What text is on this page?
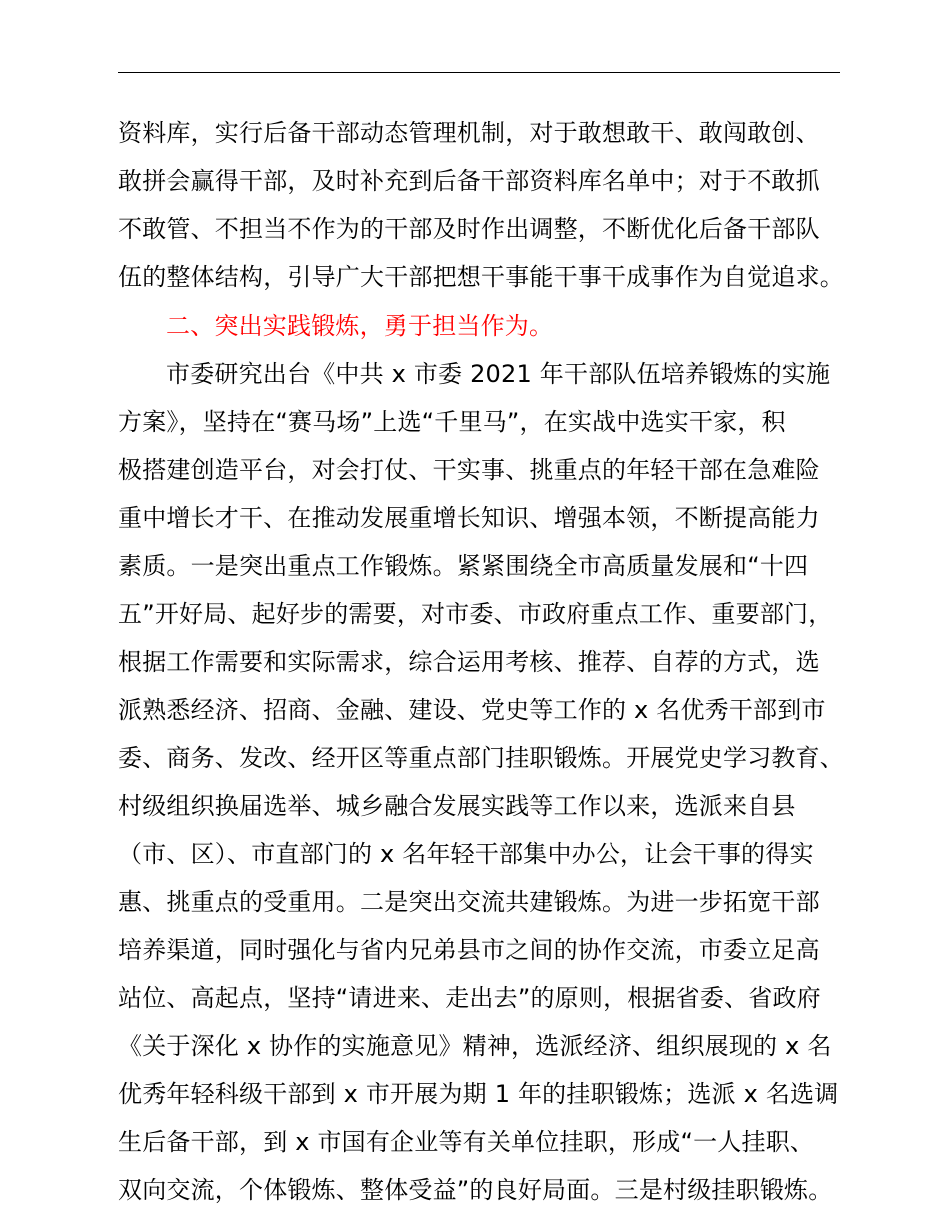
资料库，实行后备干部动态管理机制，对于敢想敢干、敢闯敢创、
敢拼会赢得干部，及时补充到后备干部资料库名单中；对于不敢抓
不敢管、不担当不作为的干部及时作出调整，不断优化后备干部队
伍的整体结构，引导广大干部把想干事能干事干成事作为自觉追求。
二、突出实践锻炼，勇于担当作为。
市委研究出台《中共 x 市委 2021 年干部队伍培养锻炼的实施
方案》，坚持在“赛马场”上选“千里马”，在实战中选实干家，积
极搭建创造平台，对会打仗、干实事、挑重点的年轻干部在急难险
重中增长才干、在推动发展重增长知识、增强本领，不断提高能力
素质。一是突出重点工作锻炼。紧紧围绕全市高质量发展和“十四
五”开好局、起好步的需要，对市委、市政府重点工作、重要部门，
根据工作需要和实际需求，综合运用考核、推荐、自荐的方式，选
派熟悉经济、招商、金融、建设、党史等工作的 x 名优秀干部到市
委、商务、发改、经开区等重点部门挂职锻炼。开展党史学习教育、
村级组织换届选举、城乡融合发展实践等工作以来，选派来自县
（市、区）、市直部门的 x 名年轻干部集中办公，让会干事的得实
惠、挑重点的受重用。二是突出交流共建锻炼。为进一步拓宽干部
培养渠道，同时强化与省内兄弟县市之间的协作交流，市委立足高
站位、高起点，坚持“请进来、走出去”的原则，根据省委、省政府
《关于深化 x 协作的实施意见》精神，选派经济、组织展现的 x 名
优秀年轻科级干部到 x 市开展为期 1 年的挂职锻炼；选派 x 名选调
生后备干部，到 x 市国有企业等有关单位挂职，形成“一人挂职、
双向交流，个体锻炼、整体受益”的良好局面。三是村级挂职锻炼。
